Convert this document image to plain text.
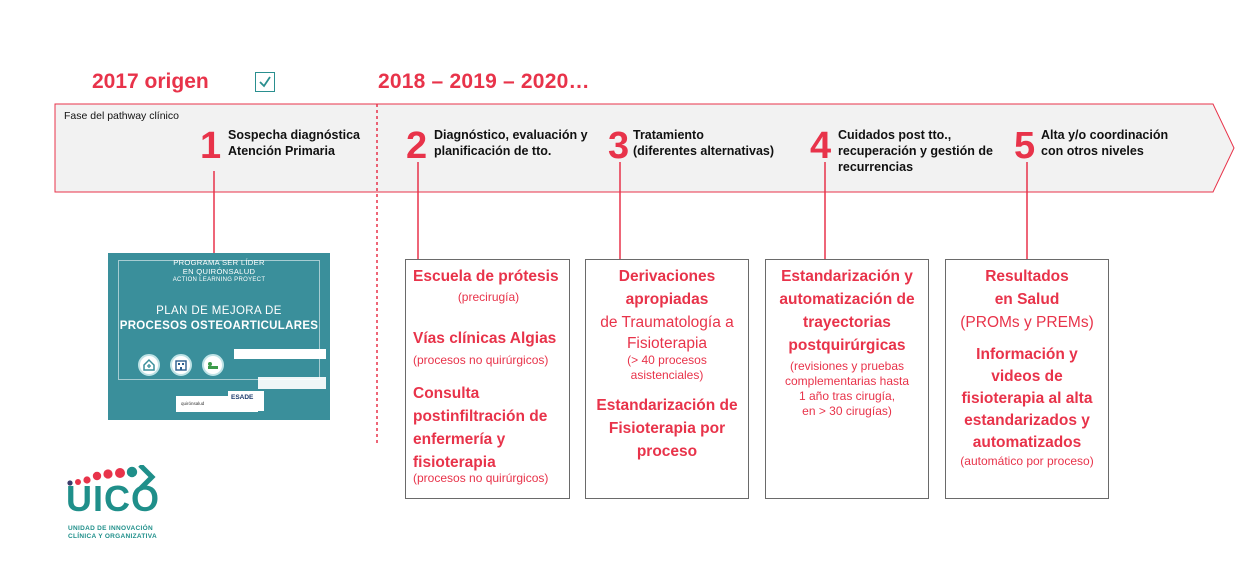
2017 origen	2018 – 2019 – 2020…
Fase del pathway clínico
1 Sospecha diagnóstica
Atención Primaria	2 Diagnóstico, evaluación y
planificación de tto.	3 Tratamiento
(diferentes alternativas) 4 Cuidados post tto.,
recuperación y gestión de
recurrencias	5 Alta y/o coordinación
con otros niveles
PROGRAMA SER LÍDER
EN QUIRÓNSALUD
ACTION LEARNING PROYECT
PLAN DE MEJORA DE
PROCESOS OSTEOARTICULARES
quirónsalud
ESADE
Escuela de prótesis
(precirugía)
Vías clínicas Algias
(procesos no quirúrgicos)
Consulta
postinfiltración de
enfermería y
fisioterapia
(procesos no quirúrgicos)
Derivaciones
apropiadas
de Traumatología a
Fisioterapia
(> 40 procesos
asistenciales)
Estandarización de
Fisioterapia por
proceso
Estandarización y
automatización de
trayectorias
postquirúrgicas
(revisiones y pruebas
complementarias hasta
1 año tras cirugía,
en > 30 cirugías)
Resultados
en Salud
(PROMs y PREMs)
Información y
videos de
fisioterapia al alta
estandarizados y
automatizados
(automático por proceso)
UICO
UNIDAD DE INNOVACIÓN
CLÍNICA Y ORGANIZATIVA
